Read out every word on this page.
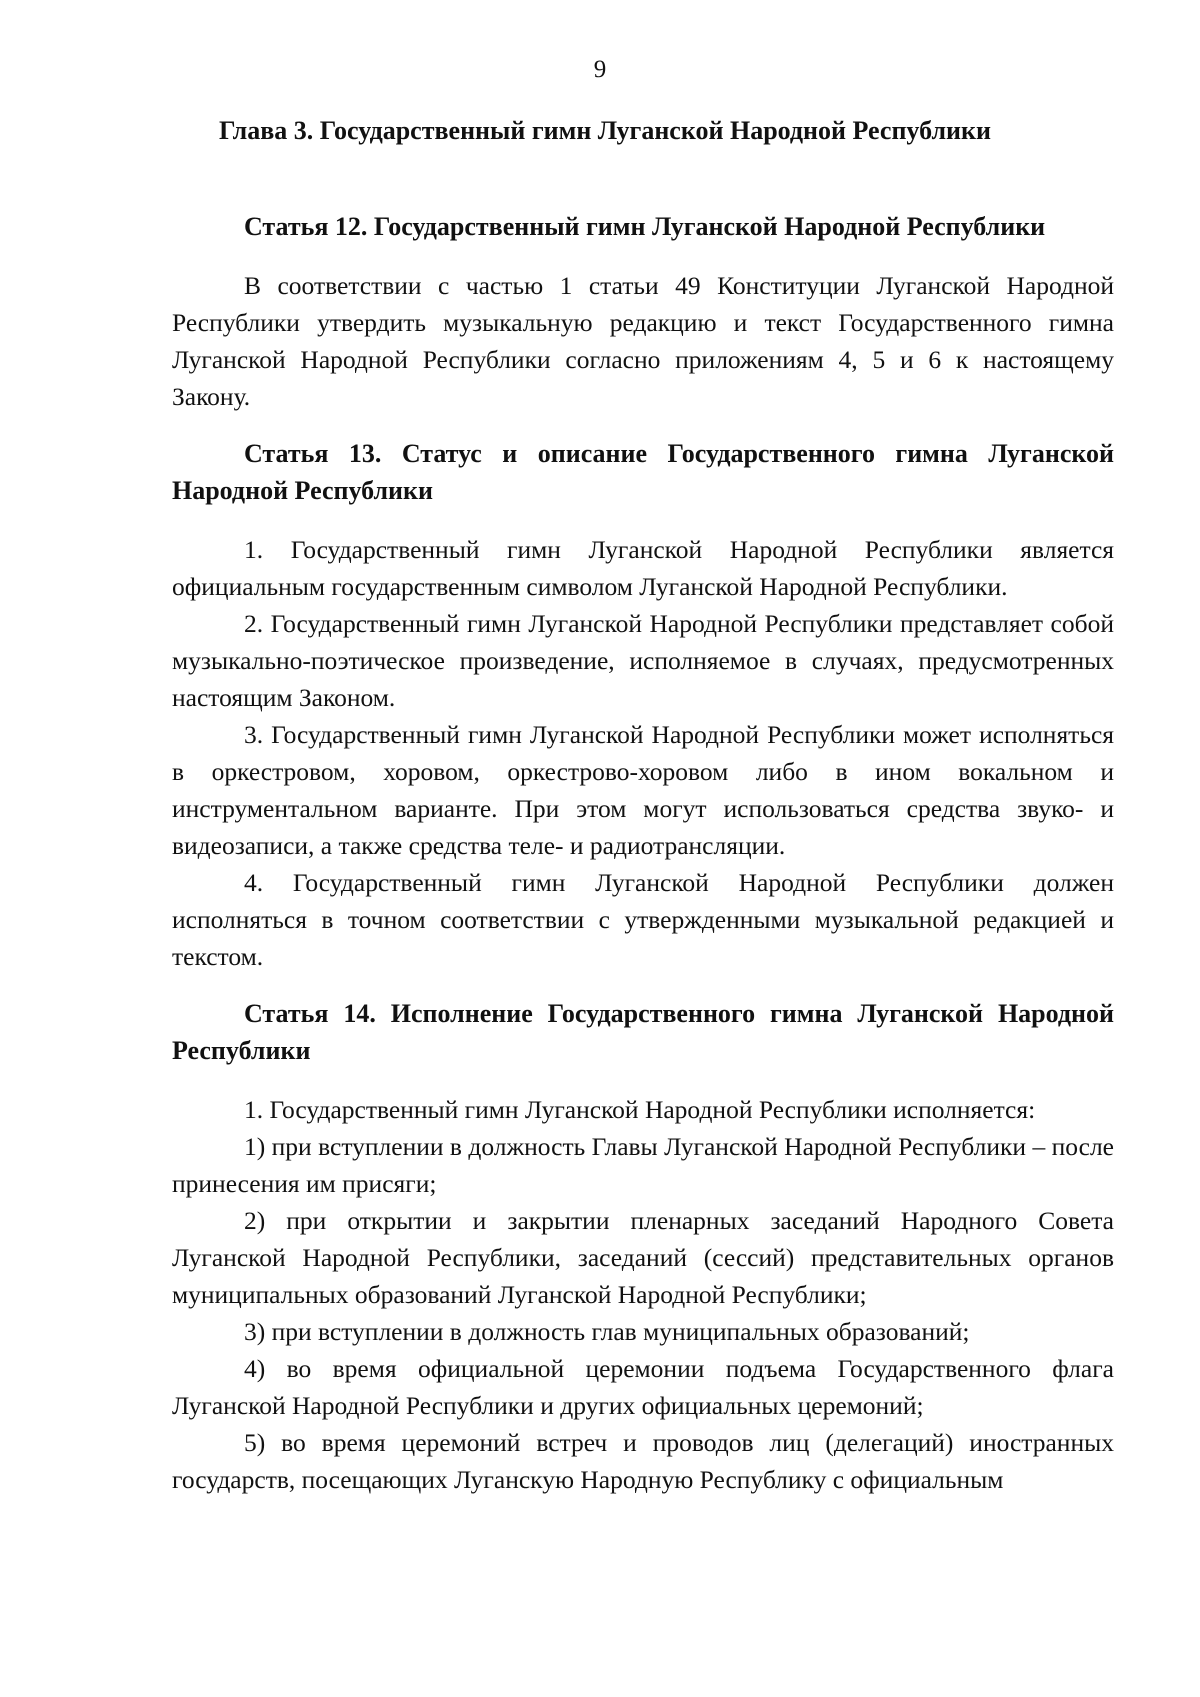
9
Глава 3. Государственный гимн Луганской Народной Республики

Статья 12. Государственный гимн Луганской Народной Республики

В соответствии с частью 1 статьи 49 Конституции Луганской Народной Республики утвердить музыкальную редакцию и текст Государственного гимна Луганской Народной Республики согласно приложениям 4, 5 и 6 к настоящему Закону.

Статья 13. Статус и описание Государственного гимна Луганской Народной Республики

1. Государственный гимн Луганской Народной Республики является официальным государственным символом Луганской Народной Республики.

2. Государственный гимн Луганской Народной Республики представляет собой музыкально-поэтическое произведение, исполняемое в случаях, предусмотренных настоящим Законом.

3. Государственный гимн Луганской Народной Республики может исполняться в оркестровом, хоровом, оркестрово-хоровом либо в ином вокальном и инструментальном варианте. При этом могут использоваться средства звуко- и видеозаписи, а также средства теле- и радиотрансляции.

4. Государственный гимн Луганской Народной Республики должен исполняться в точном соответствии с утвержденными музыкальной редакцией и текстом.

Статья 14. Исполнение Государственного гимна Луганской Народной Республики

1. Государственный гимн Луганской Народной Республики исполняется:

1) при вступлении в должность Главы Луганской Народной Республики – после принесения им присяги;

2) при открытии и закрытии пленарных заседаний Народного Совета Луганской Народной Республики, заседаний (сессий) представительных органов муниципальных образований Луганской Народной Республики;

3) при вступлении в должность глав муниципальных образований;

4) во время официальной церемонии подъема Государственного флага Луганской Народной Республики и других официальных церемоний;

5) во время церемоний встреч и проводов лиц (делегаций) иностранных государств, посещающих Луганскую Народную Республику с официальным
